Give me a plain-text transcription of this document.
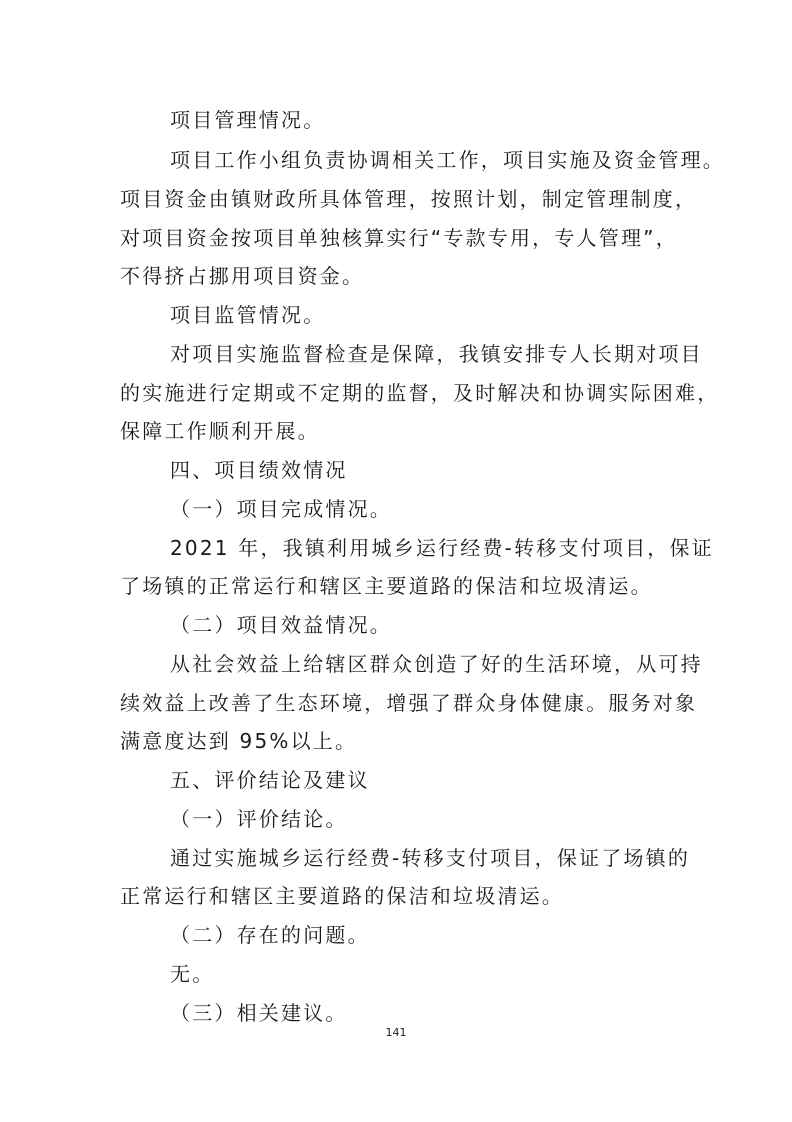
项目管理情况。
项目工作小组负责协调相关工作，项目实施及资金管理。
项目资金由镇财政所具体管理，按照计划，制定管理制度，
对项目资金按项目单独核算实行“专款专用，专人管理”，
不得挤占挪用项目资金。
项目监管情况。
对项目实施监督检查是保障，我镇安排专人长期对项目
的实施进行定期或不定期的监督，及时解决和协调实际困难，
保障工作顺利开展。
四、项目绩效情况
（一）项目完成情况。
2021 年，我镇利用城乡运行经费-转移支付项目，保证
了场镇的正常运行和辖区主要道路的保洁和垃圾清运。
（二）项目效益情况。
从社会效益上给辖区群众创造了好的生活环境，从可持
续效益上改善了生态环境，增强了群众身体健康。服务对象
满意度达到 95%以上。
五、评价结论及建议
（一）评价结论。
通过实施城乡运行经费-转移支付项目，保证了场镇的
正常运行和辖区主要道路的保洁和垃圾清运。
（二）存在的问题。
无。
（三）相关建议。
141
